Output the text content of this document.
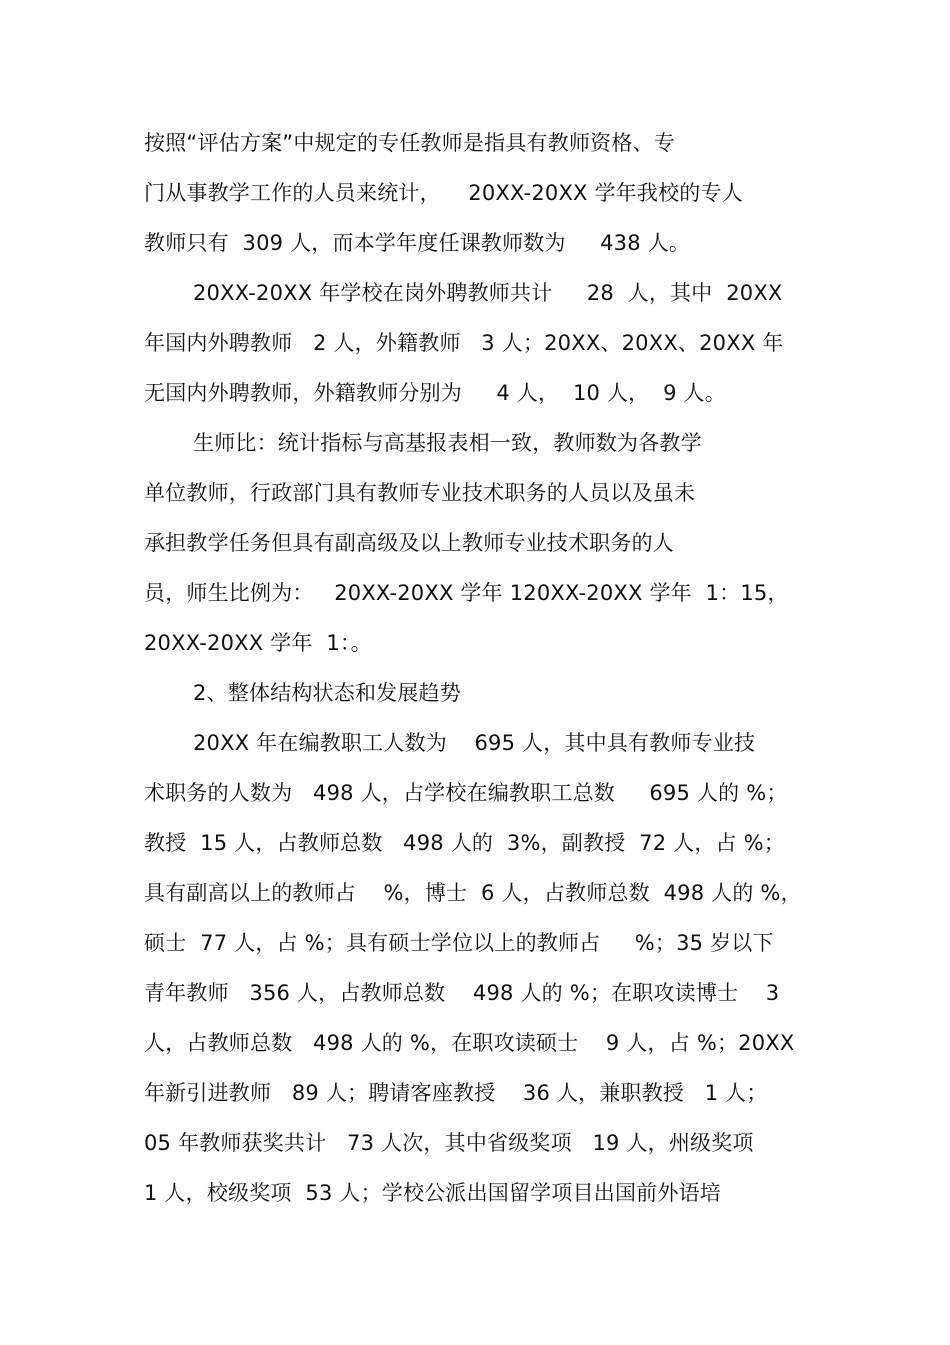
按照“评估方案”中规定的专任教师是指具有教师资格、专

门从事教学工作的人员来统计，    20XX-20XX 学年我校的专人

教师只有  309 人，而本学年度任课教师数为     438 人。

20XX-20XX 年学校在岗外聘教师共计     28  人，其中  20XX

年国内外聘教师   2 人，外籍教师   3 人；20XX、20XX、20XX 年

无国内外聘教师，外籍教师分别为     4 人，  10 人，  9 人。

生师比：统计指标与高基报表相一致，教师数为各教学

单位教师，行政部门具有教师专业技术职务的人员以及虽未

承担教学任务但具有副高级及以上教师专业技术职务的人

员，师生比例为：   20XX-20XX 学年 120XX-20XX 学年  1：15，

20XX-20XX 学年  1：。

2、整体结构状态和发展趋势

20XX 年在编教职工人数为    695 人，其中具有教师专业技

术职务的人数为   498 人，占学校在编教职工总数     695 人的 %；

教授  15 人，占教师总数   498 人的  3%，副教授  72 人，占 %；

具有副高以上的教师占    %，博士  6 人，占教师总数  498 人的 %，

硕士  77 人，占 %；具有硕士学位以上的教师占     %；35 岁以下

青年教师   356 人，占教师总数    498 人的 %；在职攻读博士    3

人，占教师总数   498 人的 %，在职攻读硕士    9 人，占 %；20XX

年新引进教师   89 人；聘请客座教授    36 人，兼职教授   1 人；

05 年教师获奖共计   73 人次，其中省级奖项   19 人，州级奖项

1 人，校级奖项  53 人；学校公派出国留学项目出国前外语培
